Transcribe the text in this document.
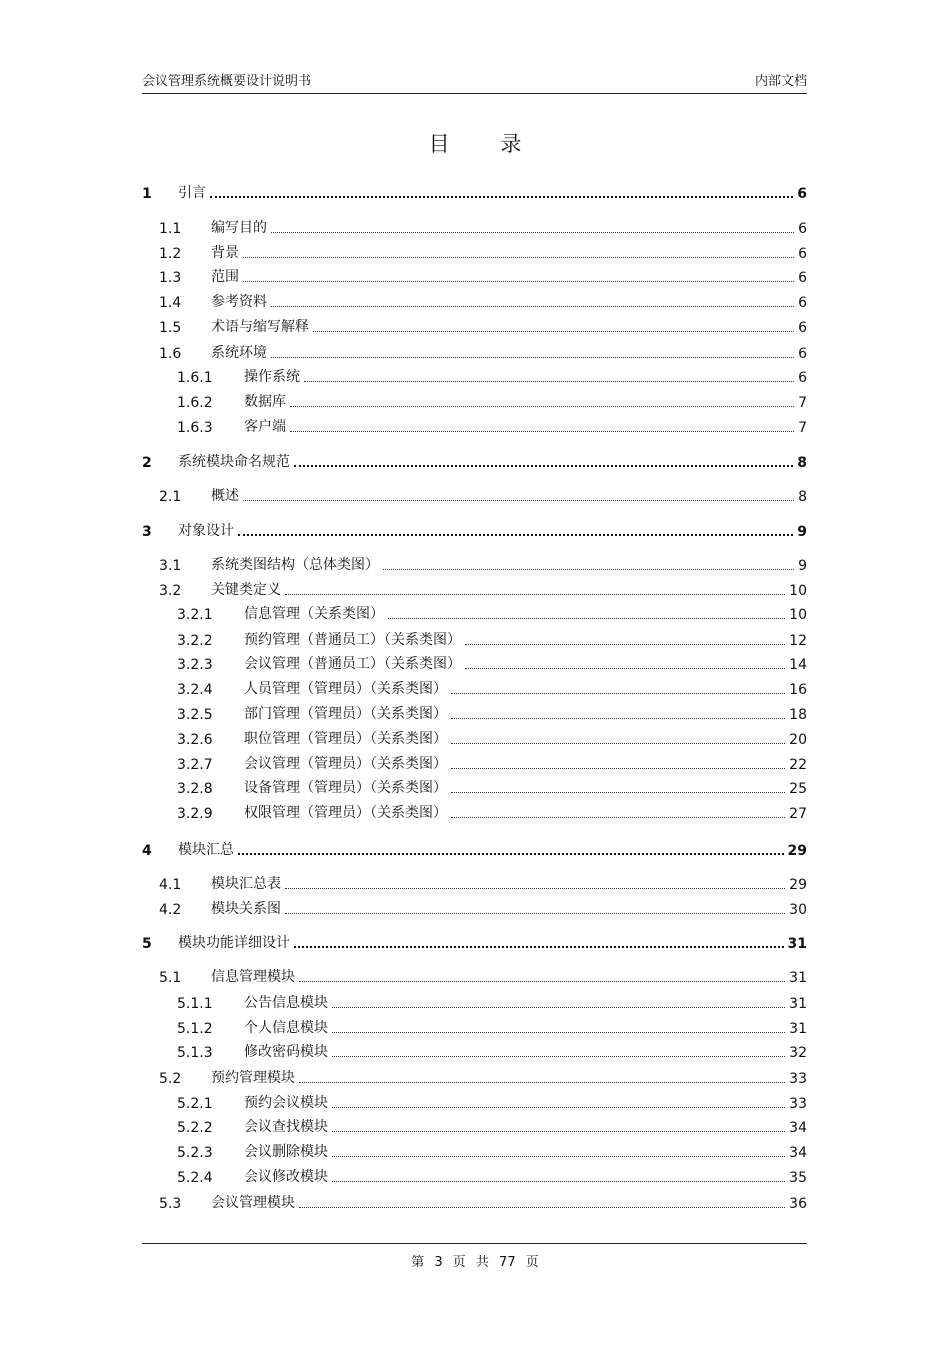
会议管理系统概要设计说明书	内部文档
目 录
1	引言	6
1.1	编写目的	6
1.2	背景	6
1.3	范围	6
1.4	参考资料	6
1.5	术语与缩写解释	6
1.6	系统环境	6
1.6.1	操作系统	6
1.6.2	数据库	7
1.6.3	客户端	7
2	系统模块命名规范	8
2.1	概述	8
3	对象设计	9
3.1	系统类图结构（总体类图）	9
3.2	关键类定义	10
3.2.1	信息管理（关系类图）	10
3.2.2	预约管理（普通员工）（关系类图）	12
3.2.3	会议管理（普通员工）（关系类图）	14
3.2.4	人员管理（管理员）（关系类图）	16
3.2.5	部门管理（管理员）（关系类图）	18
3.2.6	职位管理（管理员）（关系类图）	20
3.2.7	会议管理（管理员）（关系类图）	22
3.2.8	设备管理（管理员）（关系类图）	25
3.2.9	权限管理（管理员）（关系类图）	27
4	模块汇总	29
4.1	模块汇总表	29
4.2	模块关系图	30
5	模块功能详细设计	31
5.1	信息管理模块	31
5.1.1	公告信息模块	31
5.1.2	个人信息模块	31
5.1.3	修改密码模块	32
5.2	预约管理模块	33
5.2.1	预约会议模块	33
5.2.2	会议查找模块	34
5.2.3	会议删除模块	34
5.2.4	会议修改模块	35
5.3	会议管理模块	36
第 3 页 共 77 页
